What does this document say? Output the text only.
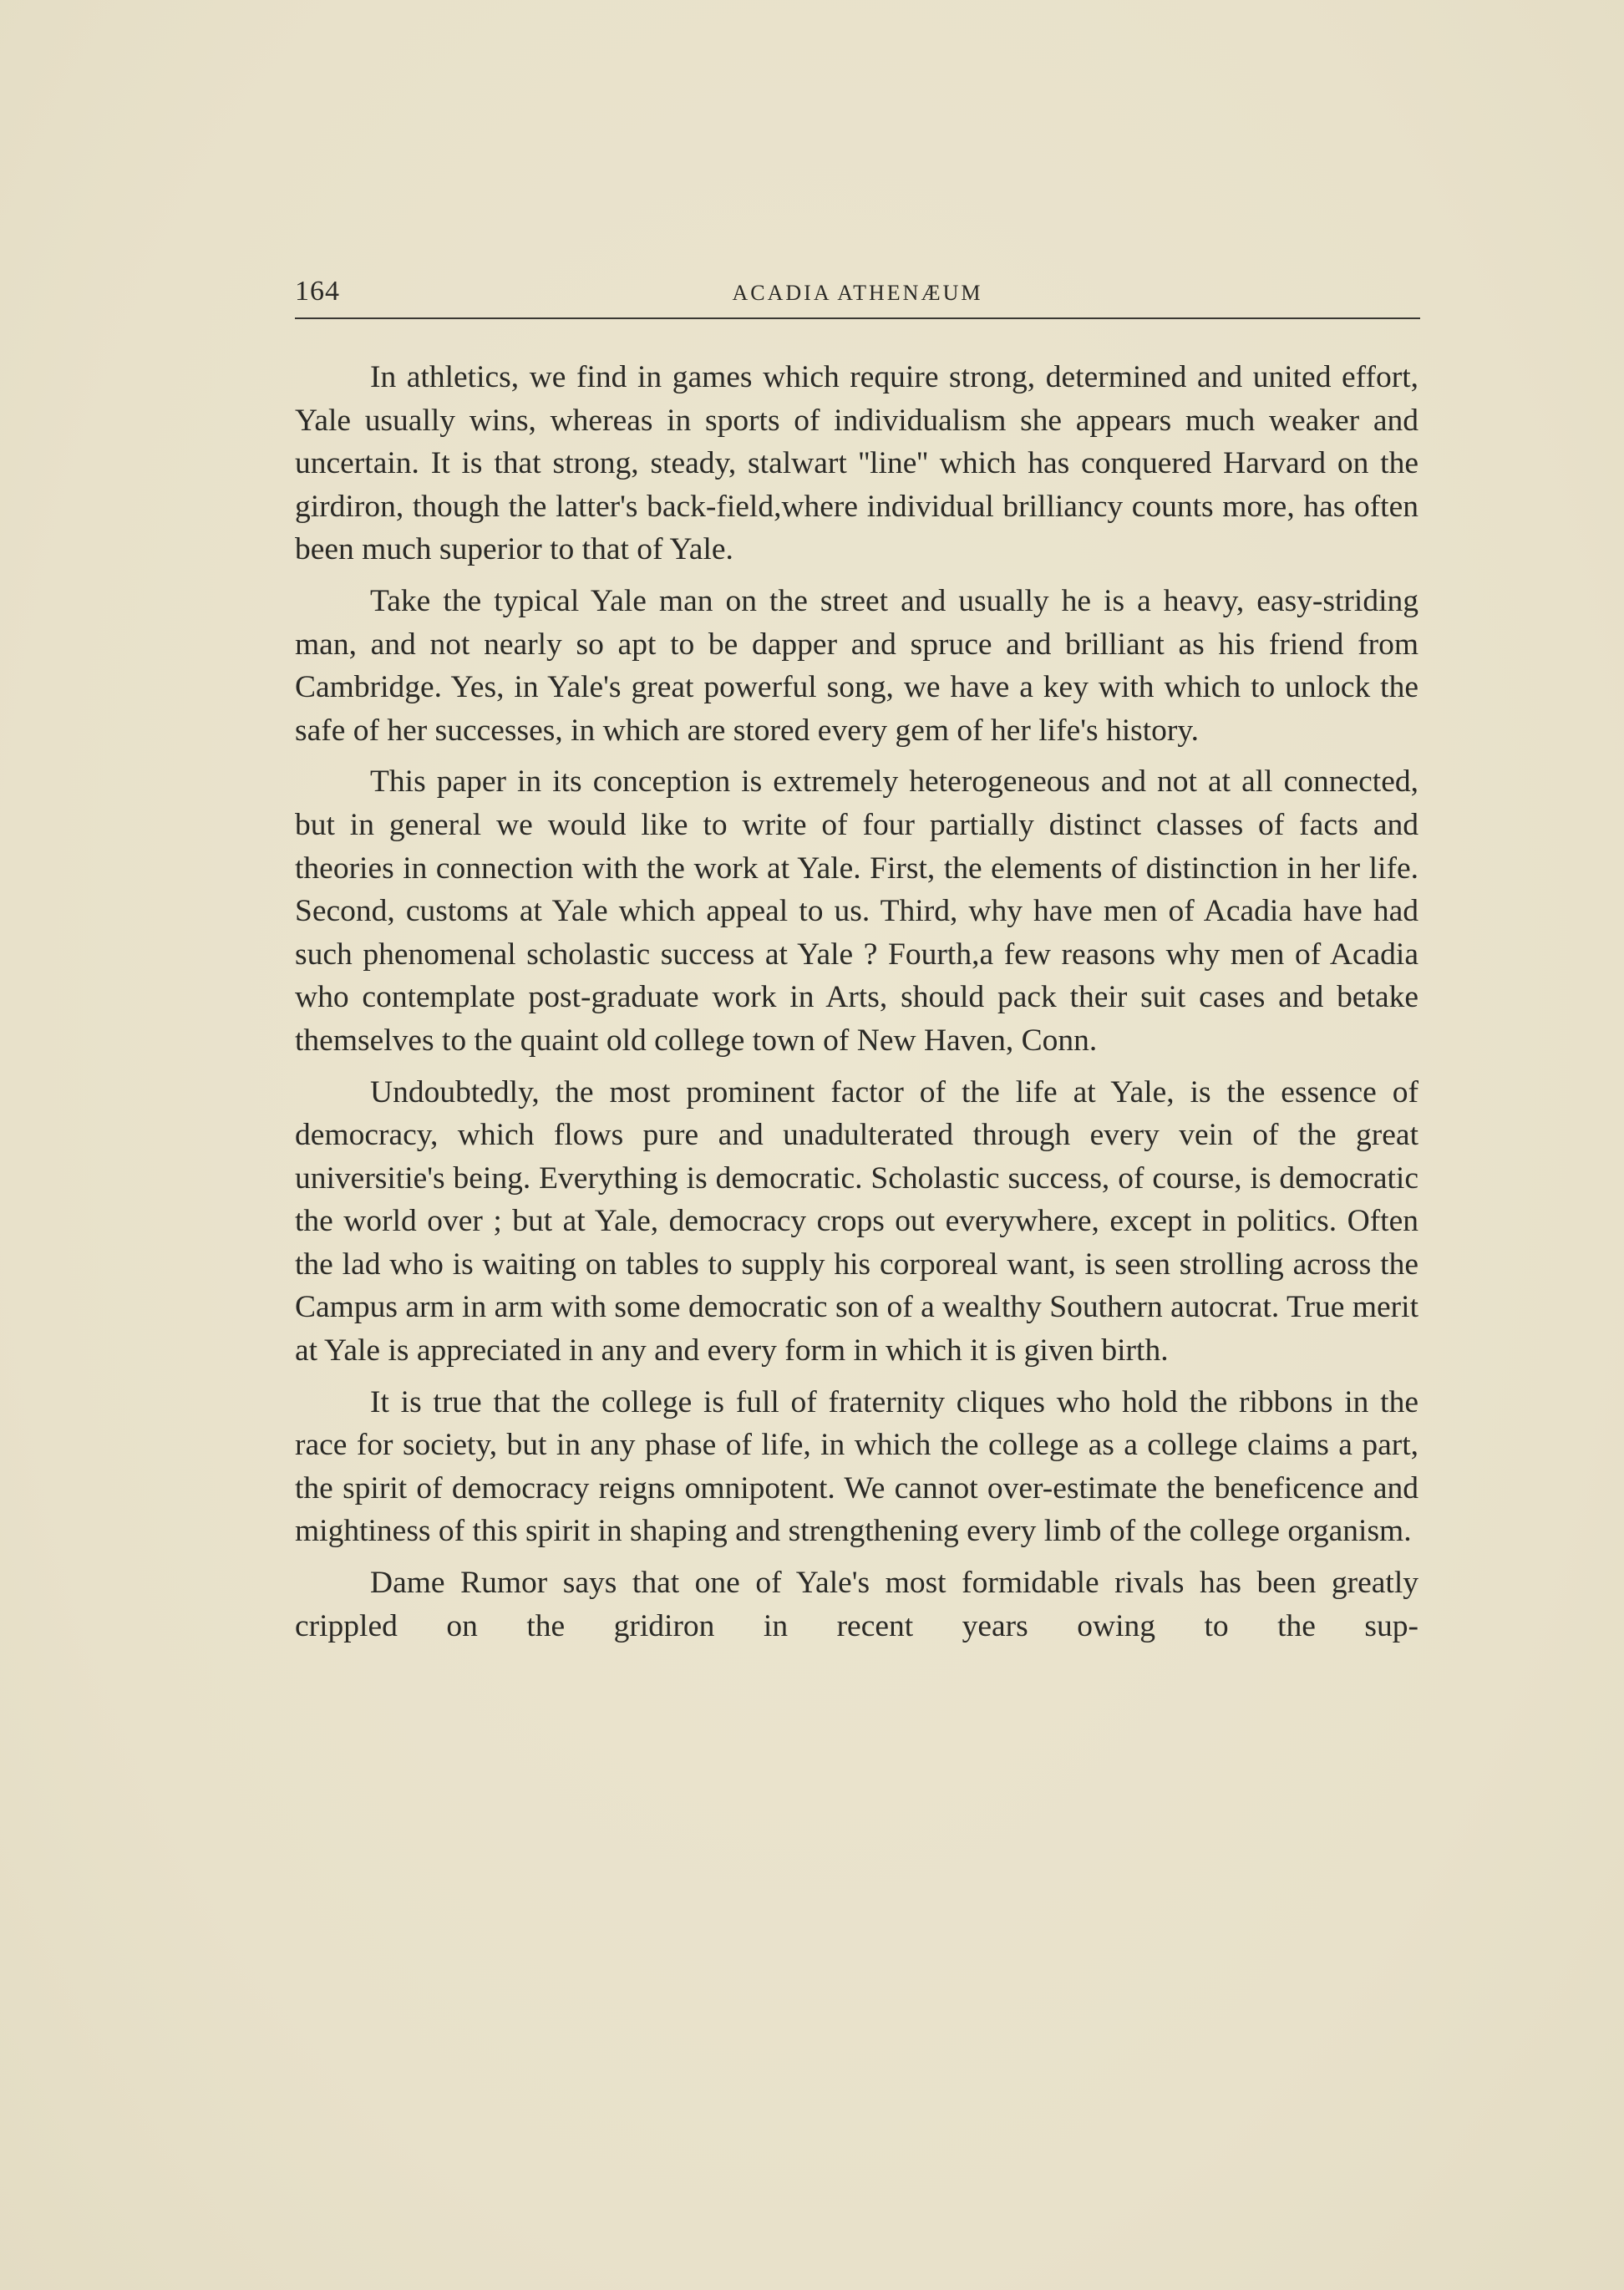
164	ACADIA ATHENÆUM

In athletics, we find in games which require strong, determined and united effort, Yale usually wins, whereas in sports of individualism she appears much weaker and uncertain. It is that strong, steady, stalwart ''line'' which has conquered Harvard on the girdiron, though the latter's back-field,where individual brilliancy counts more, has often been much superior to that of Yale.

Take the typical Yale man on the street and usually he is a heavy, easy-striding man, and not nearly so apt to be dapper and spruce and brilliant as his friend from Cambridge. Yes, in Yale's great powerful song, we have a key with which to unlock the safe of her successes, in which are stored every gem of her life's history.

This paper in its conception is extremely heterogeneous and not at all connected, but in general we would like to write of four partially distinct classes of facts and theories in connection with the work at Yale. First, the elements of distinction in her life. Second, customs at Yale which appeal to us. Third, why have men of Acadia have had such phenomenal scholastic success at Yale ? Fourth,a few reasons why men of Acadia who contemplate post-graduate work in Arts, should pack their suit cases and betake themselves to the quaint old college town of New Haven, Conn.

Undoubtedly, the most prominent factor of the life at Yale, is the essence of democracy, which flows pure and unadulterated through every vein of the great universitie's being. Everything is democratic. Scholastic success, of course, is democratic the world over ; but at Yale, democracy crops out everywhere, except in politics. Often the lad who is waiting on tables to supply his corporeal want, is seen strolling across the Campus arm in arm with some democratic son of a wealthy Southern autocrat. True merit at Yale is appreciated in any and every form in which it is given birth.

It is true that the college is full of fraternity cliques who hold the ribbons in the race for society, but in any phase of life, in which the college as a college claims a part, the spirit of democracy reigns omnipotent. We cannot over-estimate the beneficence and mightiness of this spirit in shaping and strengthening every limb of the college organism.

Dame Rumor says that one of Yale's most formidable rivals has been greatly crippled on the gridiron in recent years owing to the sup-
